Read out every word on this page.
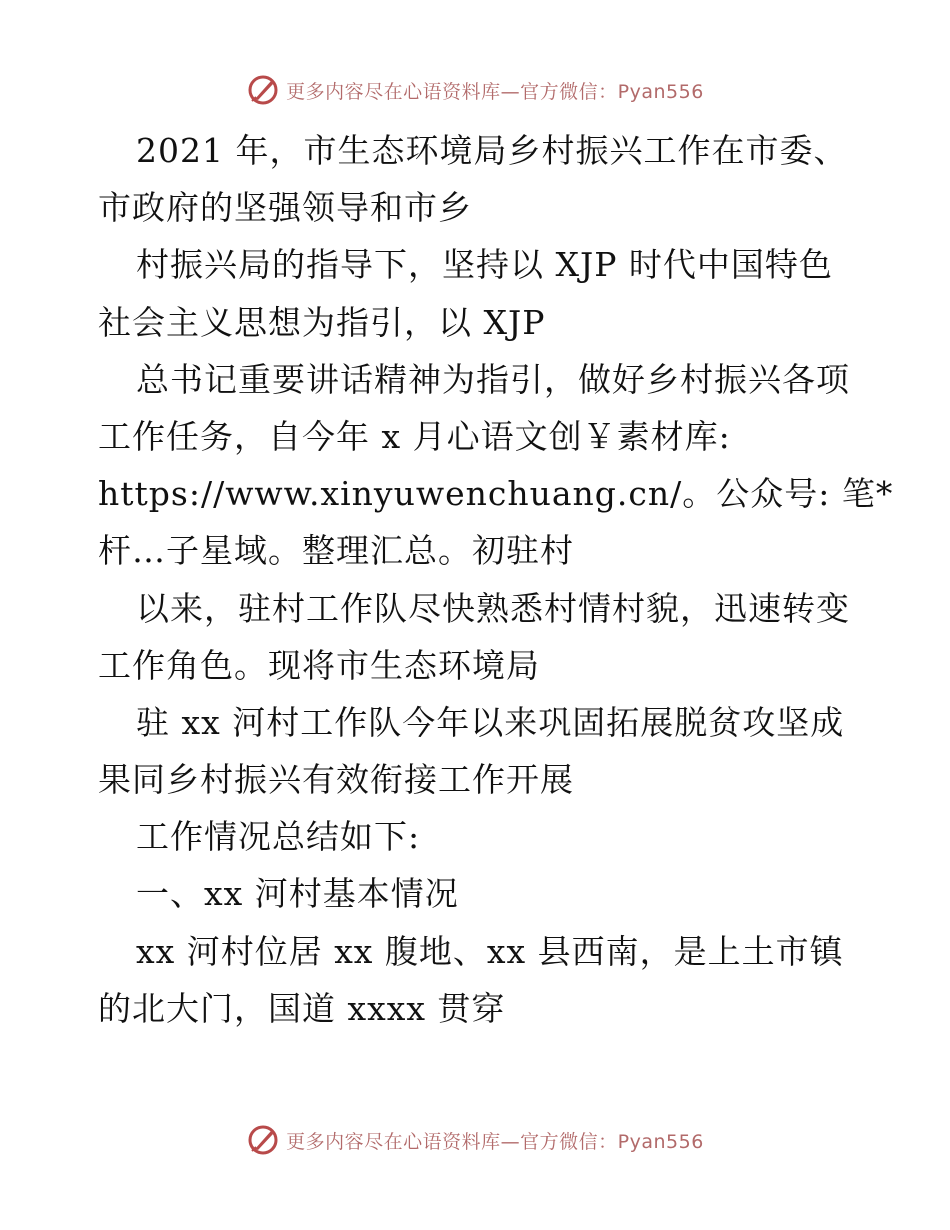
更多内容尽在心语资料库—官方微信：Pyan556
2021 年，市生态环境局乡村振兴工作在市委、
市政府的坚强领导和市乡
村振兴局的指导下，坚持以 XJP 时代中国特色
社会主义思想为指引，以 XJP
总书记重要讲话精神为指引，做好乡村振兴各项
工作任务，自今年 x 月心语文创￥素材库:
https://www.xinyuwenchuang.cn/。公众号: 笔*
杆…子星域。整理汇总。初驻村
以来，驻村工作队尽快熟悉村情村貌，迅速转变
工作角色。现将市生态环境局
驻 xx 河村工作队今年以来巩固拓展脱贫攻坚成
果同乡村振兴有效衔接工作开展
工作情况总结如下:
一、xx 河村基本情况
xx 河村位居 xx 腹地、xx 县西南，是上土市镇
的北大门，国道 xxxx 贯穿
更多内容尽在心语资料库—官方微信：Pyan556
